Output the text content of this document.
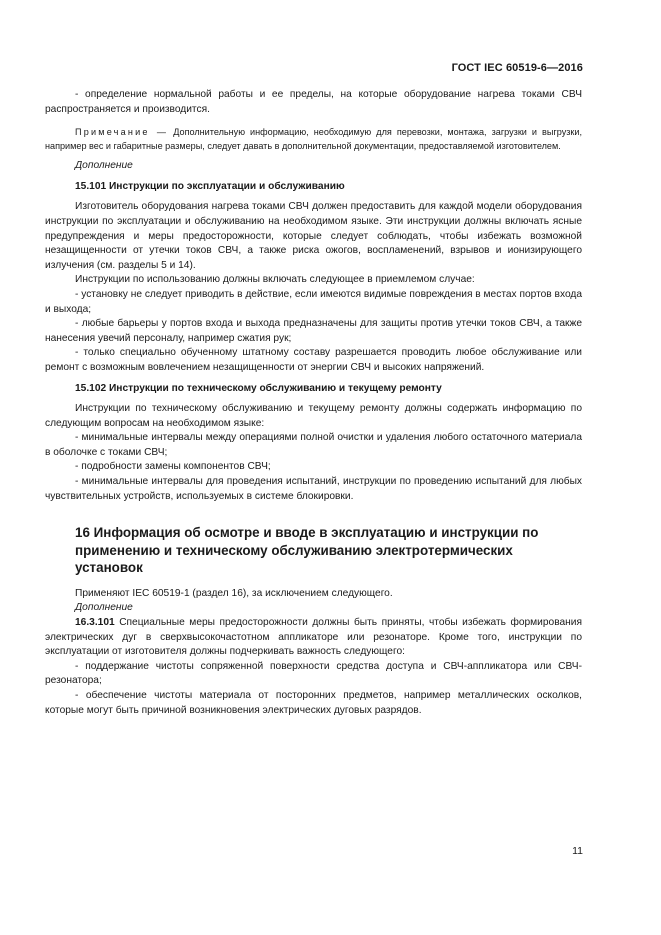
ГОСТ IEC 60519-6—2016

- определение нормальной работы и ее пределы, на которые оборудование нагрева токами СВЧ распространяется и производится.

Примечание — Дополнительную информацию, необходимую для перевозки, монтажа, загрузки и выгрузки, например вес и габаритные размеры, следует давать в дополнительной документации, предоставляемой изготовителем.

Дополнение

15.101 Инструкции по эксплуатации и обслуживанию

Изготовитель оборудования нагрева токами СВЧ должен предоставить для каждой модели оборудования инструкции по эксплуатации и обслуживанию на необходимом языке. Эти инструкции должны включать ясные предупреждения и меры предосторожности, которые следует соблюдать, чтобы избежать возможной незащищенности от утечки токов СВЧ, а также риска ожогов, воспламенений, взрывов и ионизирующего излучения (см. разделы 5 и 14).

Инструкции по использованию должны включать следующее в приемлемом случае:

- установку не следует приводить в действие, если имеются видимые повреждения в местах портов входа и выхода;

- любые барьеры у портов входа и выхода предназначены для защиты против утечки токов СВЧ, а также нанесения увечий персоналу, например сжатия рук;

- только специально обученному штатному составу разрешается проводить любое обслуживание или ремонт с возможным вовлечением незащищенности от энергии СВЧ и высоких напряжений.

15.102 Инструкции по техническому обслуживанию и текущему ремонту

Инструкции по техническому обслуживанию и текущему ремонту должны содержать информацию по следующим вопросам на необходимом языке:

- минимальные интервалы между операциями полной очистки и удаления любого остаточного материала в оболочке с токами СВЧ;

- подробности замены компонентов СВЧ;

- минимальные интервалы для проведения испытаний, инструкции по проведению испытаний для любых чувствительных устройств, используемых в системе блокировки.

16 Информация об осмотре и вводе в эксплуатацию и инструкции по применению и техническому обслуживанию электротермических установок

Применяют IEC 60519-1 (раздел 16), за исключением следующего.

Дополнение

16.3.101 Специальные меры предосторожности должны быть приняты, чтобы избежать формирования электрических дуг в сверхвысокочастотном аппликаторе или резонаторе. Кроме того, инструкции по эксплуатации от изготовителя должны подчеркивать важность следующего:

- поддержание чистоты сопряженной поверхности средства доступа и СВЧ-аппликатора или СВЧ-резонатора;

- обеспечение чистоты материала от посторонних предметов, например металлических осколков, которые могут быть причиной возникновения электрических дуговых разрядов.

11
